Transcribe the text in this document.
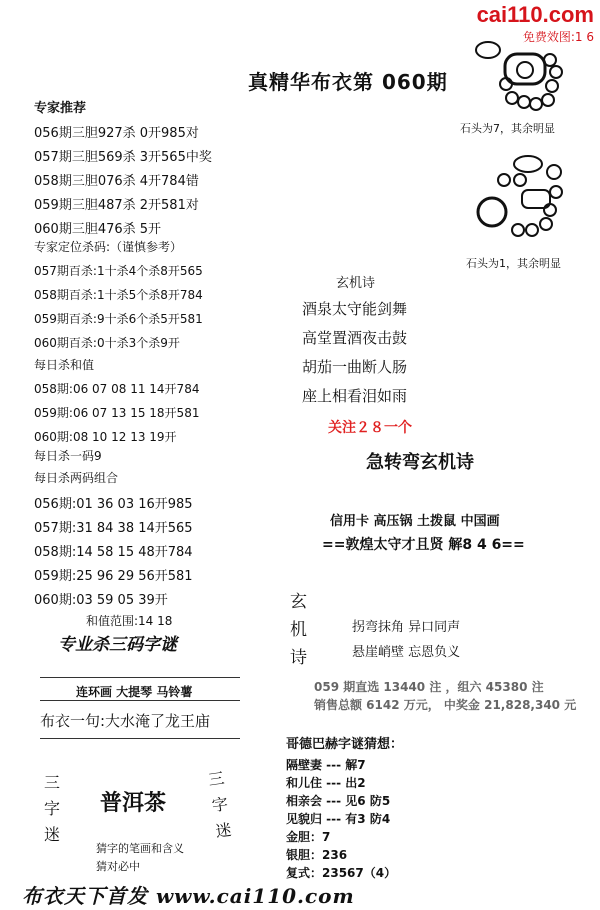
cai110.com
免费效图:1 6
真精华布衣第 060期
专家推荐
056期三胆927杀 0开985对
057期三胆569杀 3开565中奖
058期三胆076杀 4开784错
059期三胆487杀 2开581对
060期三胆476杀 5开
专家定位杀码:（谨慎参考）
057期百杀:1十杀4个杀8开565
058期百杀:1十杀5个杀8开784
059期百杀:9十杀6个杀5开581
060期百杀:0十杀3个杀9开
每日杀和值
058期:06 07 08 11 14开784
059期:06 07 13 15 18开581
060期:08 10 12 13 19开
每日杀一码9
每日杀两码组合
056期:01 36 03 16开985
057期:31 84 38 14开565
058期:14 58 15 48开784
059期:25 96 29 56开581
060期:03 59 05 39开
和值范围:14 18
专业杀三码字谜
连环画 大提琴 马铃薯
布衣一句:大水淹了龙王庙
三字迷
普洱茶
三字迷
猜字的笔画和含义
猜对必中
石头为7，其余明显
石头为1，其余明显
玄机诗
酒泉太守能剑舞
高堂置酒夜击鼓
胡茄一曲断人肠
座上相看泪如雨
关注２８一个
急转弯玄机诗
信用卡 高压锅 土拨鼠 中国画
==敦煌太守才且贤 解8 4 6==
玄
机
诗
拐弯抹角 异口同声
悬崖峭壁 忘恩负义
059 期直选 13440 注 ，组六 45380 注
销售总额 6142 万元， 中奖金 21,828,340 元
哥德巴赫字谜猜想：
隔壁妻 --- 解7
和儿住 --- 出2
相亲会 --- 见6 防5
见貌归 --- 有3 防4
金胆：7
银胆：236
复式：23567（4）
布衣天下首发 www.cai110.com
